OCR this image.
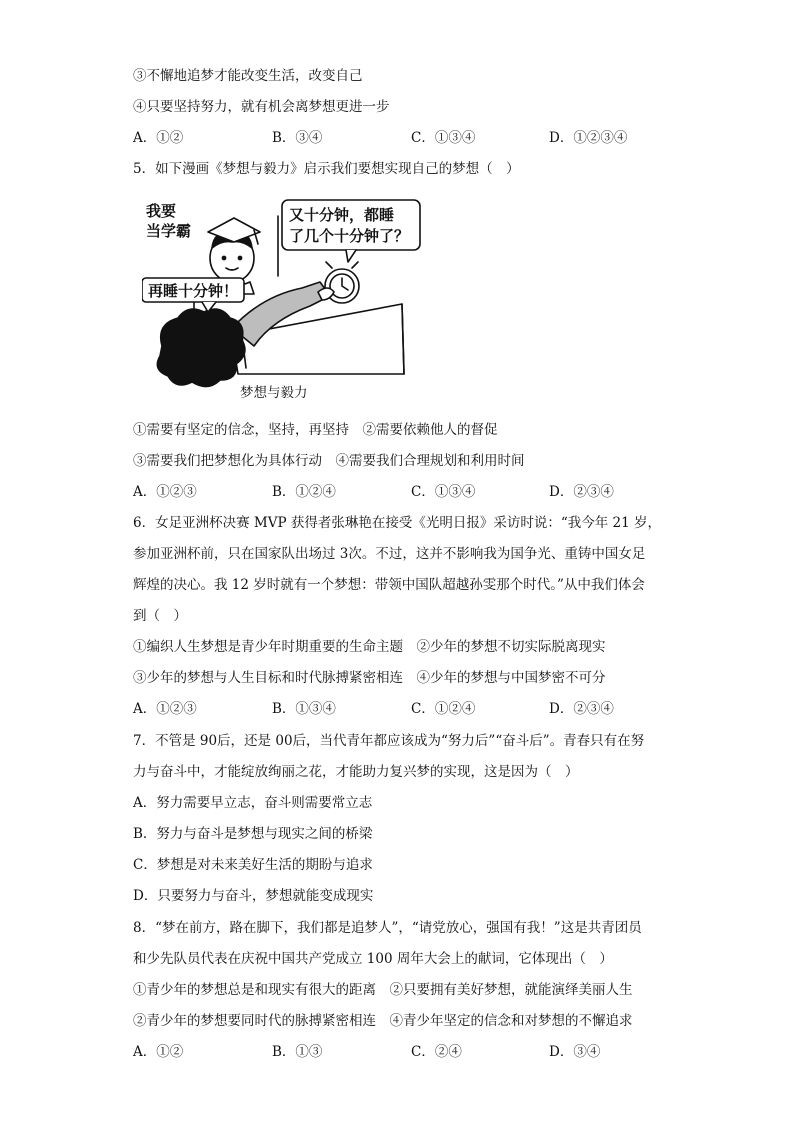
③不懈地追梦才能改变生活，改变自己
④只要坚持努力，就有机会离梦想更进一步
A．①②	B．③④	C．①③④	D．①②③④
5．如下漫画《梦想与毅力》启示我们要想实现自己的梦想（　）
我要
当学霸
又十分钟，都睡
了几个十分钟了？
再睡十分钟！
梦想与毅力
①需要有坚定的信念，坚持，再坚持　②需要依赖他人的督促
③需要我们把梦想化为具体行动　④需要我们合理规划和利用时间
A．①②③	B．①②④	C．①③④	D．②③④
6．女足亚洲杯决赛 MVP 获得者张琳艳在接受《光明日报》采访时说：“我今年 21 岁，
参加亚洲杯前，只在国家队出场过 3次。不过，这并不影响我为国争光、重铸中国女足
辉煌的决心。我 12 岁时就有一个梦想：带领中国队超越孙雯那个时代。”从中我们体会
到（　）
①编织人生梦想是青少年时期重要的生命主题　②少年的梦想不切实际脱离现实
③少年的梦想与人生目标和时代脉搏紧密相连　④少年的梦想与中国梦密不可分
A．①②③	B．①③④	C．①②④	D．②③④
7．不管是 90后，还是 00后，当代青年都应该成为“努力后”“奋斗后”。青春只有在努
力与奋斗中，才能绽放绚丽之花，才能助力复兴梦的实现，这是因为（　）
A．努力需要早立志，奋斗则需要常立志
B．努力与奋斗是梦想与现实之间的桥梁
C．梦想是对未来美好生活的期盼与追求
D．只要努力与奋斗，梦想就能变成现实
8．“梦在前方，路在脚下，我们都是追梦人”，“请党放心，强国有我！”这是共青团员
和少先队员代表在庆祝中国共产党成立 100 周年大会上的献词，它体现出（　）
①青少年的梦想总是和现实有很大的距离　②只要拥有美好梦想，就能演绎美丽人生
②青少年的梦想要同时代的脉搏紧密相连　④青少年坚定的信念和对梦想的不懈追求
A．①②	B．①③	C．②④	D．③④
